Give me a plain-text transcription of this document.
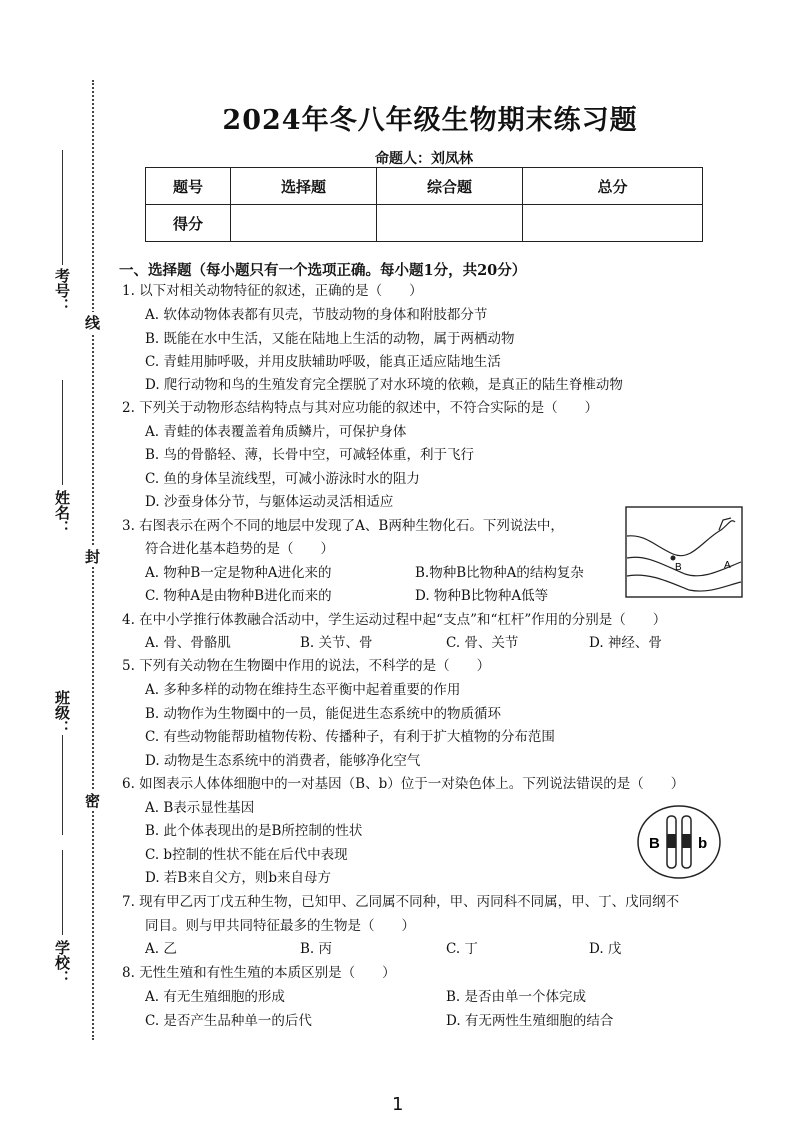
考号：
姓名：
班级：
学校：
线
封
密
2024年冬八年级生物期末练习题
命题人：刘凤林
题号	选择题	综合题	总分
得分			
一、选择题（每小题只有一个选项正确。每小题1分，共20分）
1. 以下对相关动物特征的叙述，正确的是（　　）
A. 软体动物体表都有贝壳，节肢动物的身体和附肢都分节
B. 既能在水中生活，又能在陆地上生活的动物，属于两栖动物
C. 青蛙用肺呼吸，并用皮肤辅助呼吸，能真正适应陆地生活
D. 爬行动物和鸟的生殖发育完全摆脱了对水环境的依赖，是真正的陆生脊椎动物
2. 下列关于动物形态结构特点与其对应功能的叙述中，不符合实际的是（　　）
A. 青蛙的体表覆盖着角质鳞片，可保护身体
B. 鸟的骨骼轻、薄，长骨中空，可减轻体重，利于飞行
C. 鱼的身体呈流线型，可减小游泳时水的阻力
D. 沙蚕身体分节，与躯体运动灵活相适应
3. 右图表示在两个不同的地层中发现了A、B两种生物化石。下列说法中，
符合进化基本趋势的是（　　）
A. 物种B一定是物种A进化来的	B.物种B比物种A的结构复杂
C. 物种A是由物种B进化而来的	D. 物种B比物种A低等
B	A
4. 在中小学推行体教融合活动中，学生运动过程中起“支点”和“杠杆”作用的分别是（　　）
A. 骨、骨骼肌	B. 关节、骨	C. 骨、关节	D. 神经、骨
5. 下列有关动物在生物圈中作用的说法，不科学的是（　　）
A. 多种多样的动物在维持生态平衡中起着重要的作用
B. 动物作为生物圈中的一员，能促进生态系统中的物质循环
C. 有些动物能帮助植物传粉、传播种子，有利于扩大植物的分布范围
D. 动物是生态系统中的消费者，能够净化空气
6. 如图表示人体体细胞中的一对基因（B、b）位于一对染色体上。下列说法错误的是（　　）
A. B表示显性基因
B. 此个体表现出的是B所控制的性状
C. b控制的性状不能在后代中表现
D. 若B来自父方，则b来自母方
B	b
7. 现有甲乙丙丁戊五种生物，已知甲、乙同属不同种，甲、丙同科不同属，甲、丁、戊同纲不
同目。则与甲共同特征最多的生物是（　　）
A. 乙	B. 丙	C. 丁	D. 戊
8. 无性生殖和有性生殖的本质区别是（　　）
A. 有无生殖细胞的形成	B. 是否由单一个体完成
C. 是否产生品种单一的后代	D. 有无两性生殖细胞的结合
1
